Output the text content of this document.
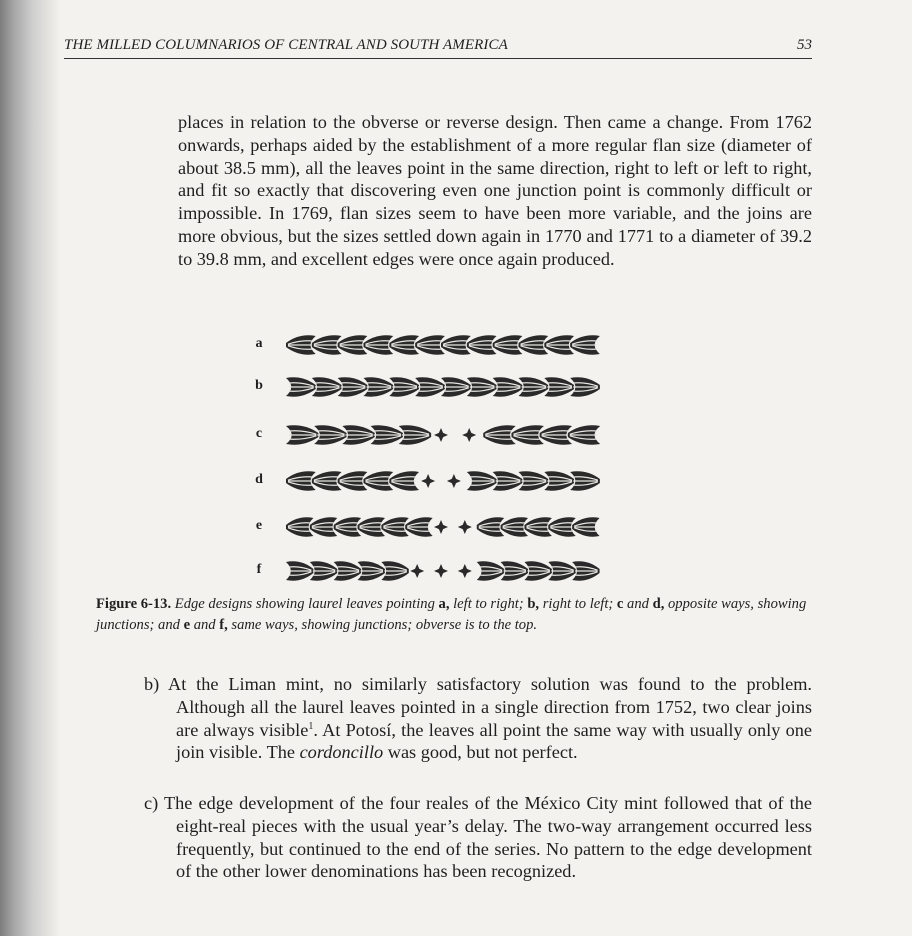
THE MILLED COLUMNARIOS OF CENTRAL AND SOUTH AMERICA	53

places in relation to the obverse or reverse design. Then came a change. From 1762 onwards, perhaps aided by the establishment of a more regular flan size (diameter of about 38.5 mm), all the leaves point in the same direction, right to left or left to right, and fit so exactly that discovering even one junction point is commonly difficult or impossible. In 1769, flan sizes seem to have been more variable, and the joins are more obvious, but the sizes settled down again in 1770 and 1771 to a diameter of 39.2 to 39.8 mm, and excellent edges were once again produced.

a
b
c
d
e
f

Figure 6-13. Edge designs showing laurel leaves pointing a, left to right; b, right to left; c and d, opposite ways, showing junctions; and e and f, same ways, showing junctions; obverse is to the top.

b) At the Liman mint, no similarly satisfactory solution was found to the problem. Although all the laurel leaves pointed in a single direction from 1752, two clear joins are always visible$^1$. At Potosí, the leaves all point the same way with usually only one join visible. The cordoncillo was good, but not perfect.

c) The edge development of the four reales of the México City mint followed that of the eight-real pieces with the usual year’s delay. The two-way arrangement occurred less frequently, but continued to the end of the series. No pattern to the edge development of the other lower denominations has been recognized.
